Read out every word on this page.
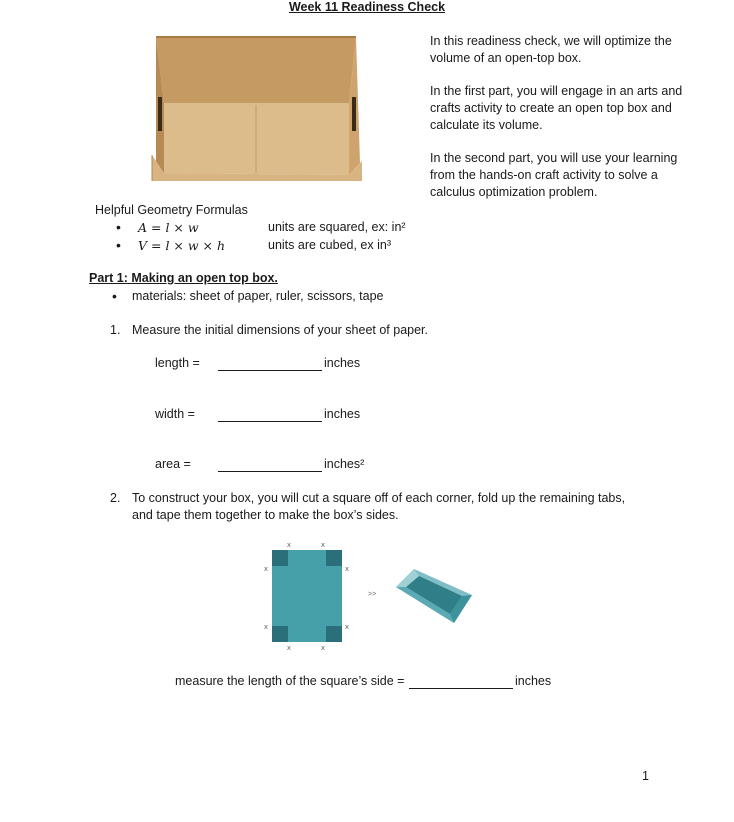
Week 11 Readiness Check

In this readiness check, we will optimize the volume of an open-top box.

In the first part, you will engage in an arts and crafts activity to create an open top box and calculate its volume.

In the second part, you will use your learning from the hands-on craft activity to solve a calculus optimization problem.

Helpful Geometry Formulas
• A = l × w	units are squared, ex: in²
• V = l × w × h	units are cubed, ex in³
Part 1: Making an open top box.
• materials: sheet of paper, ruler, scissors, tape
1. Measure the initial dimensions of your sheet of paper.
length =	inches
width =	inches
area =	inches²
2. To construct your box, you will cut a square off of each corner, fold up the remaining tabs,
and tape them together to make the box’s sides.
x	x
x	x
x	x
x	x
>>
measure the length of the square’s side =	inches
1
